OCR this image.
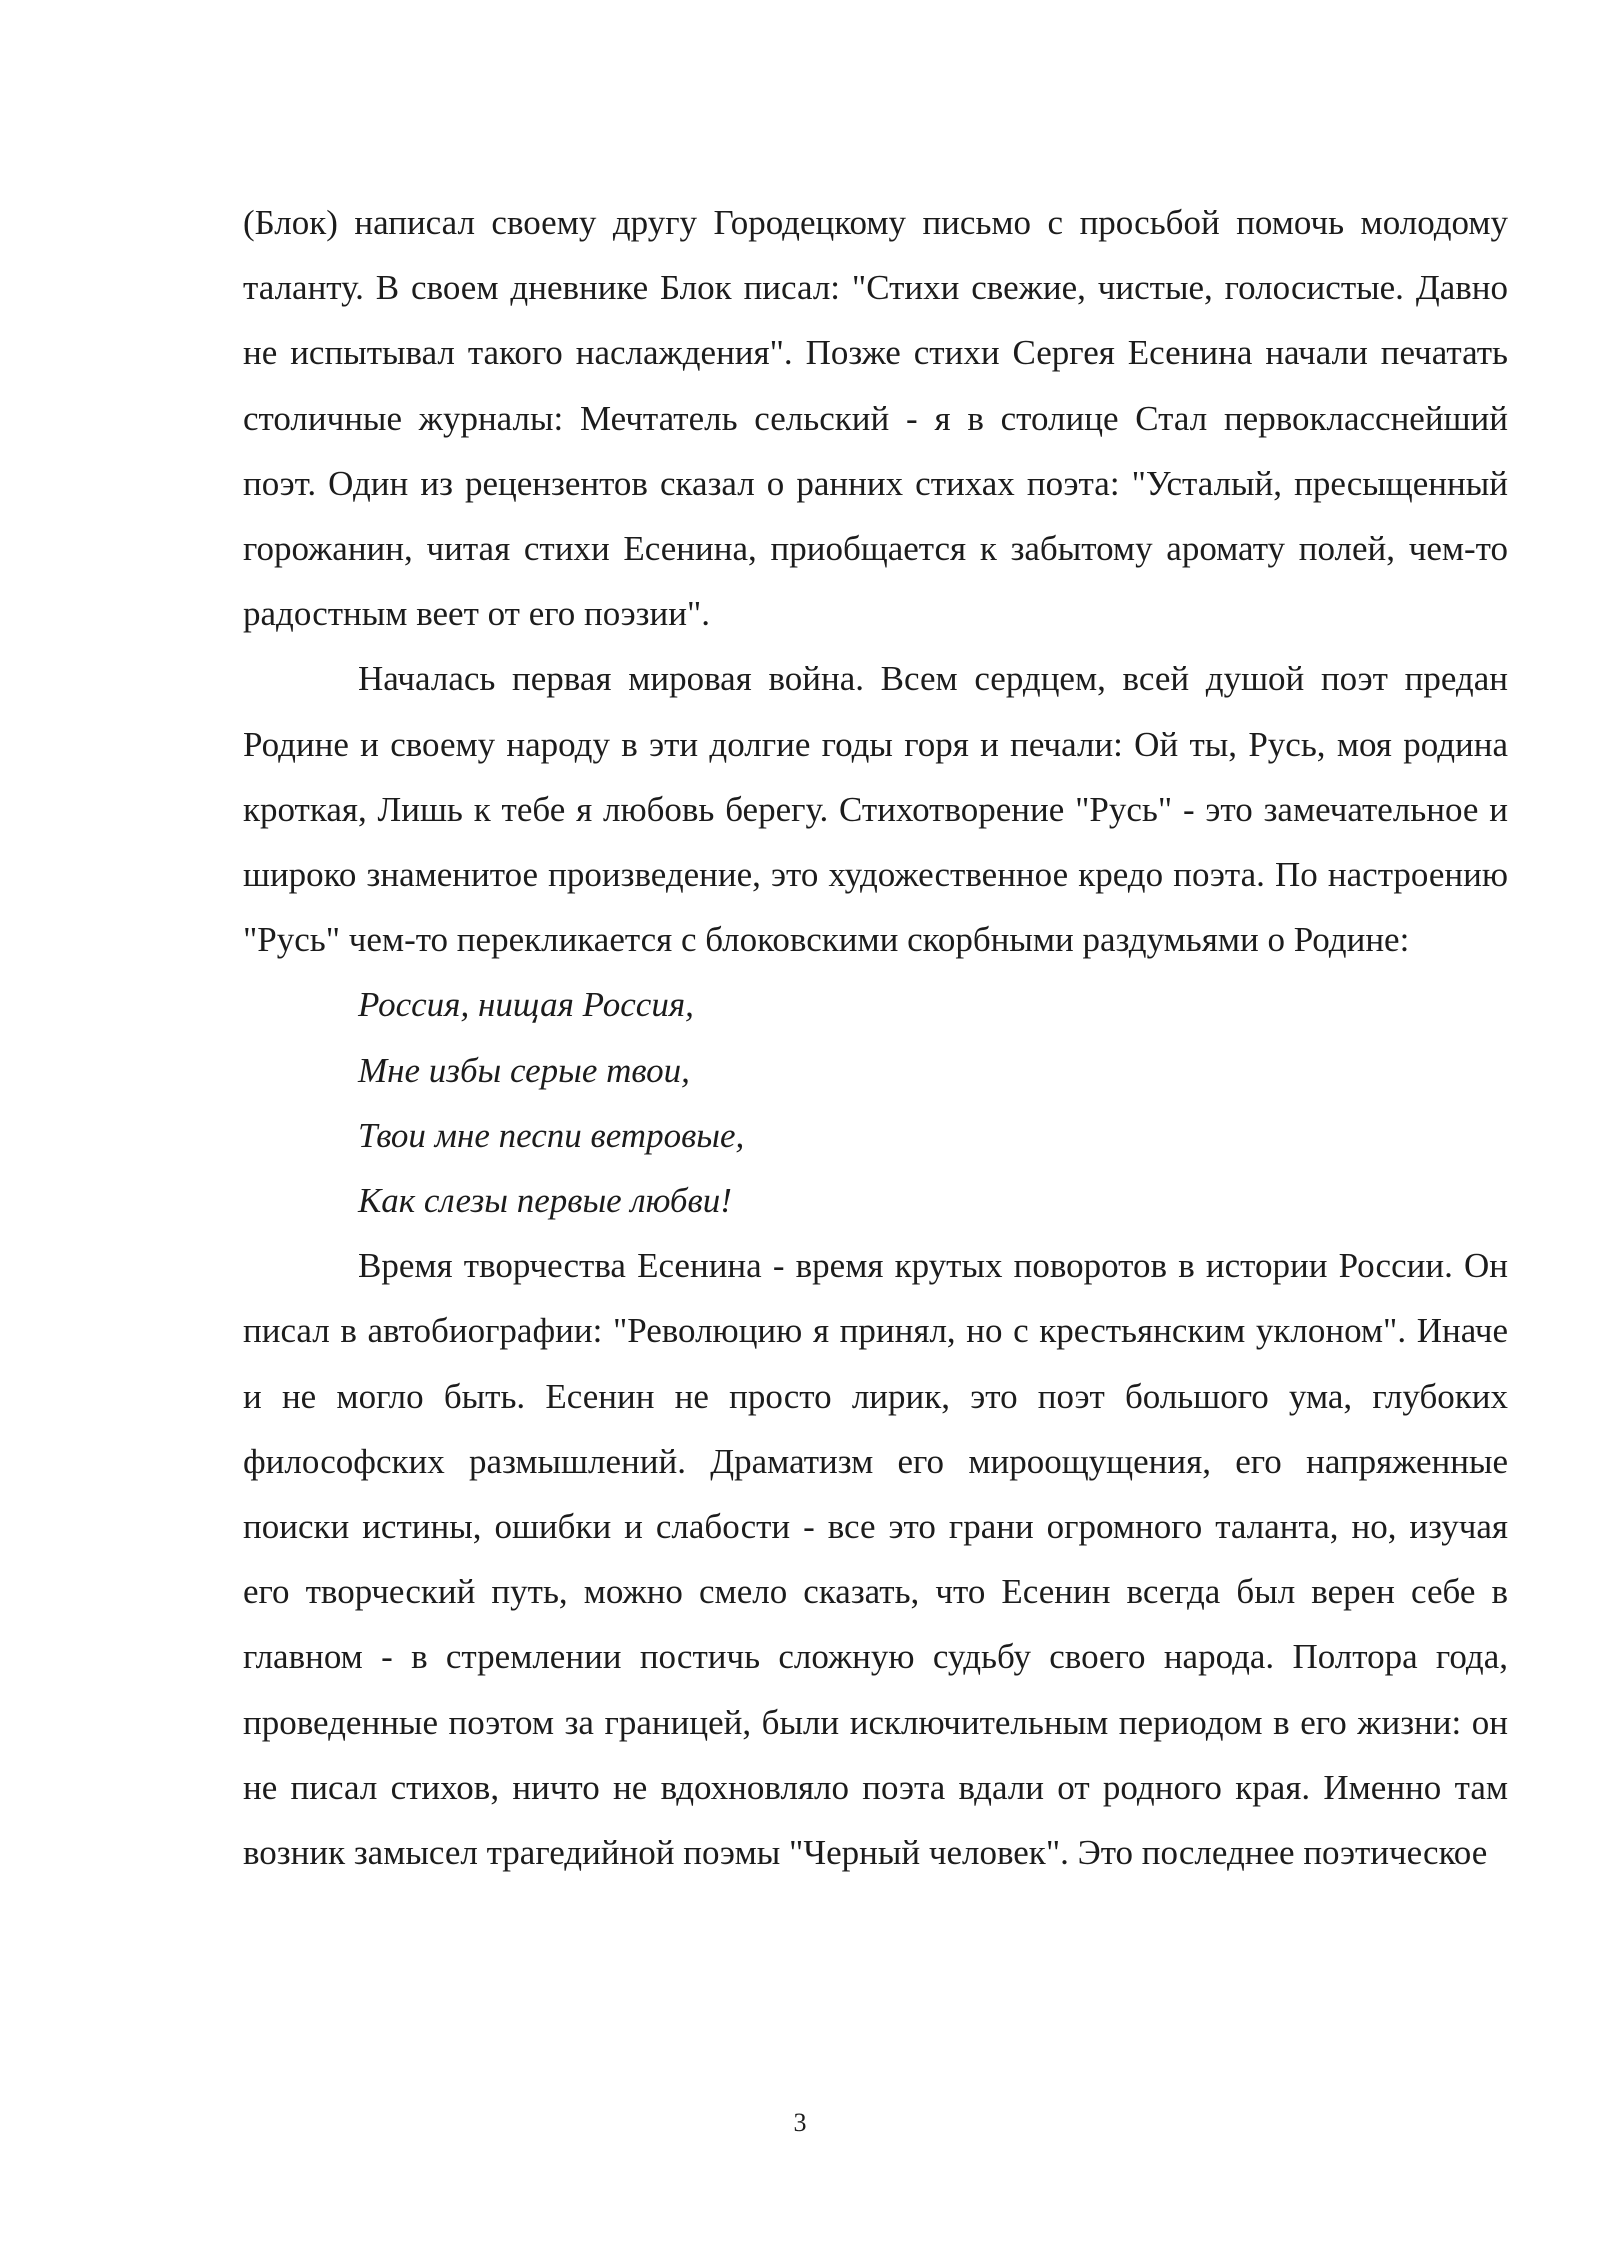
(Блок) написал своему другу Городецкому письмо с просьбой помочь молодому таланту. В своем дневнике Блок писал: "Стихи свежие, чистые, голосистые. Давно не испытывал такого наслаждения". Позже стихи Сергея Есенина начали печатать столичные журналы: Мечтатель сельский - я в столице Стал первокласснейший поэт. Один из рецензентов сказал о ранних стихах поэта: "Усталый, пресыщенный горожанин, читая стихи Есенина, приобщается к забытому аромату полей, чем-то радостным веет от его поэзии".

Началась первая мировая война. Всем сердцем, всей душой поэт предан Родине и своему народу в эти долгие годы горя и печали: Ой ты, Русь, моя родина кроткая, Лишь к тебе я любовь берегу. Стихотворение "Русь" - это замечательное и широко знаменитое произведение, это художественное кредо поэта. По настроению "Русь" чем-то перекликается с блоковскими скорбными раздумьями о Родине:

Россия, нищая Россия,
Мне избы серые твои,
Твои мне песпи ветровые,
Как слезы первые любви!

Время творчества Есенина - время крутых поворотов в истории России. Он писал в автобиографии: "Революцию я принял, но с крестьянским уклоном". Иначе и не могло быть. Есенин не просто лирик, это поэт большого ума, глубоких философских размышлений. Драматизм его мироощущения, его напряженные поиски истины, ошибки и слабости - все это грани огромного таланта, но, изучая его творческий путь, можно смело сказать, что Есенин всегда был верен себе в главном - в стремлении постичь сложную судьбу своего народа. Полтора года, проведенные поэтом за границей, были исключительным периодом в его жизни: он не писал стихов, ничто не вдохновляло поэта вдали от родного края. Именно там возник замысел трагедийной поэмы "Черный человек". Это последнее поэтическое

3
